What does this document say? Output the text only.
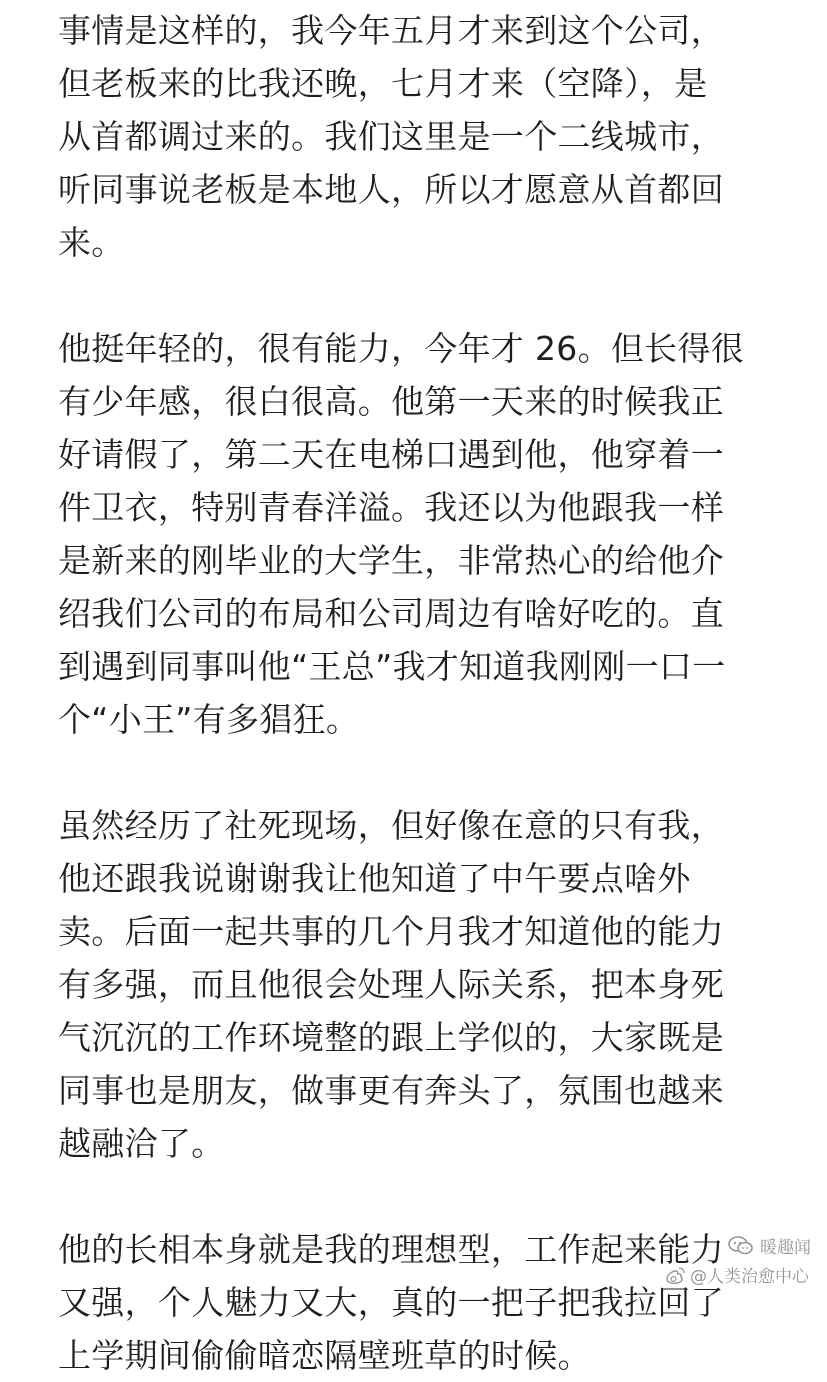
事情是这样的，我今年五月才来到这个公司，
但老板来的比我还晚，七月才来（空降），是
从首都调过来的。我们这里是一个二线城市，
听同事说老板是本地人，所以才愿意从首都回
来。
他挺年轻的，很有能力，今年才 26。但长得很
有少年感，很白很高。他第一天来的时候我正
好请假了，第二天在电梯口遇到他，他穿着一
件卫衣，特别青春洋溢。我还以为他跟我一样
是新来的刚毕业的大学生，非常热心的给他介
绍我们公司的布局和公司周边有啥好吃的。直
到遇到同事叫他“王总”我才知道我刚刚一口一
个“小王”有多猖狂。
虽然经历了社死现场，但好像在意的只有我，
他还跟我说谢谢我让他知道了中午要点啥外
卖。后面一起共事的几个月我才知道他的能力
有多强，而且他很会处理人际关系，把本身死
气沉沉的工作环境整的跟上学似的，大家既是
同事也是朋友，做事更有奔头了，氛围也越来
越融洽了。
他的长相本身就是我的理想型，工作起来能力
又强，个人魅力又大，真的一把子把我拉回了
上学期间偷偷暗恋隔壁班草的时候。
暖趣闻
@人类治愈中心
